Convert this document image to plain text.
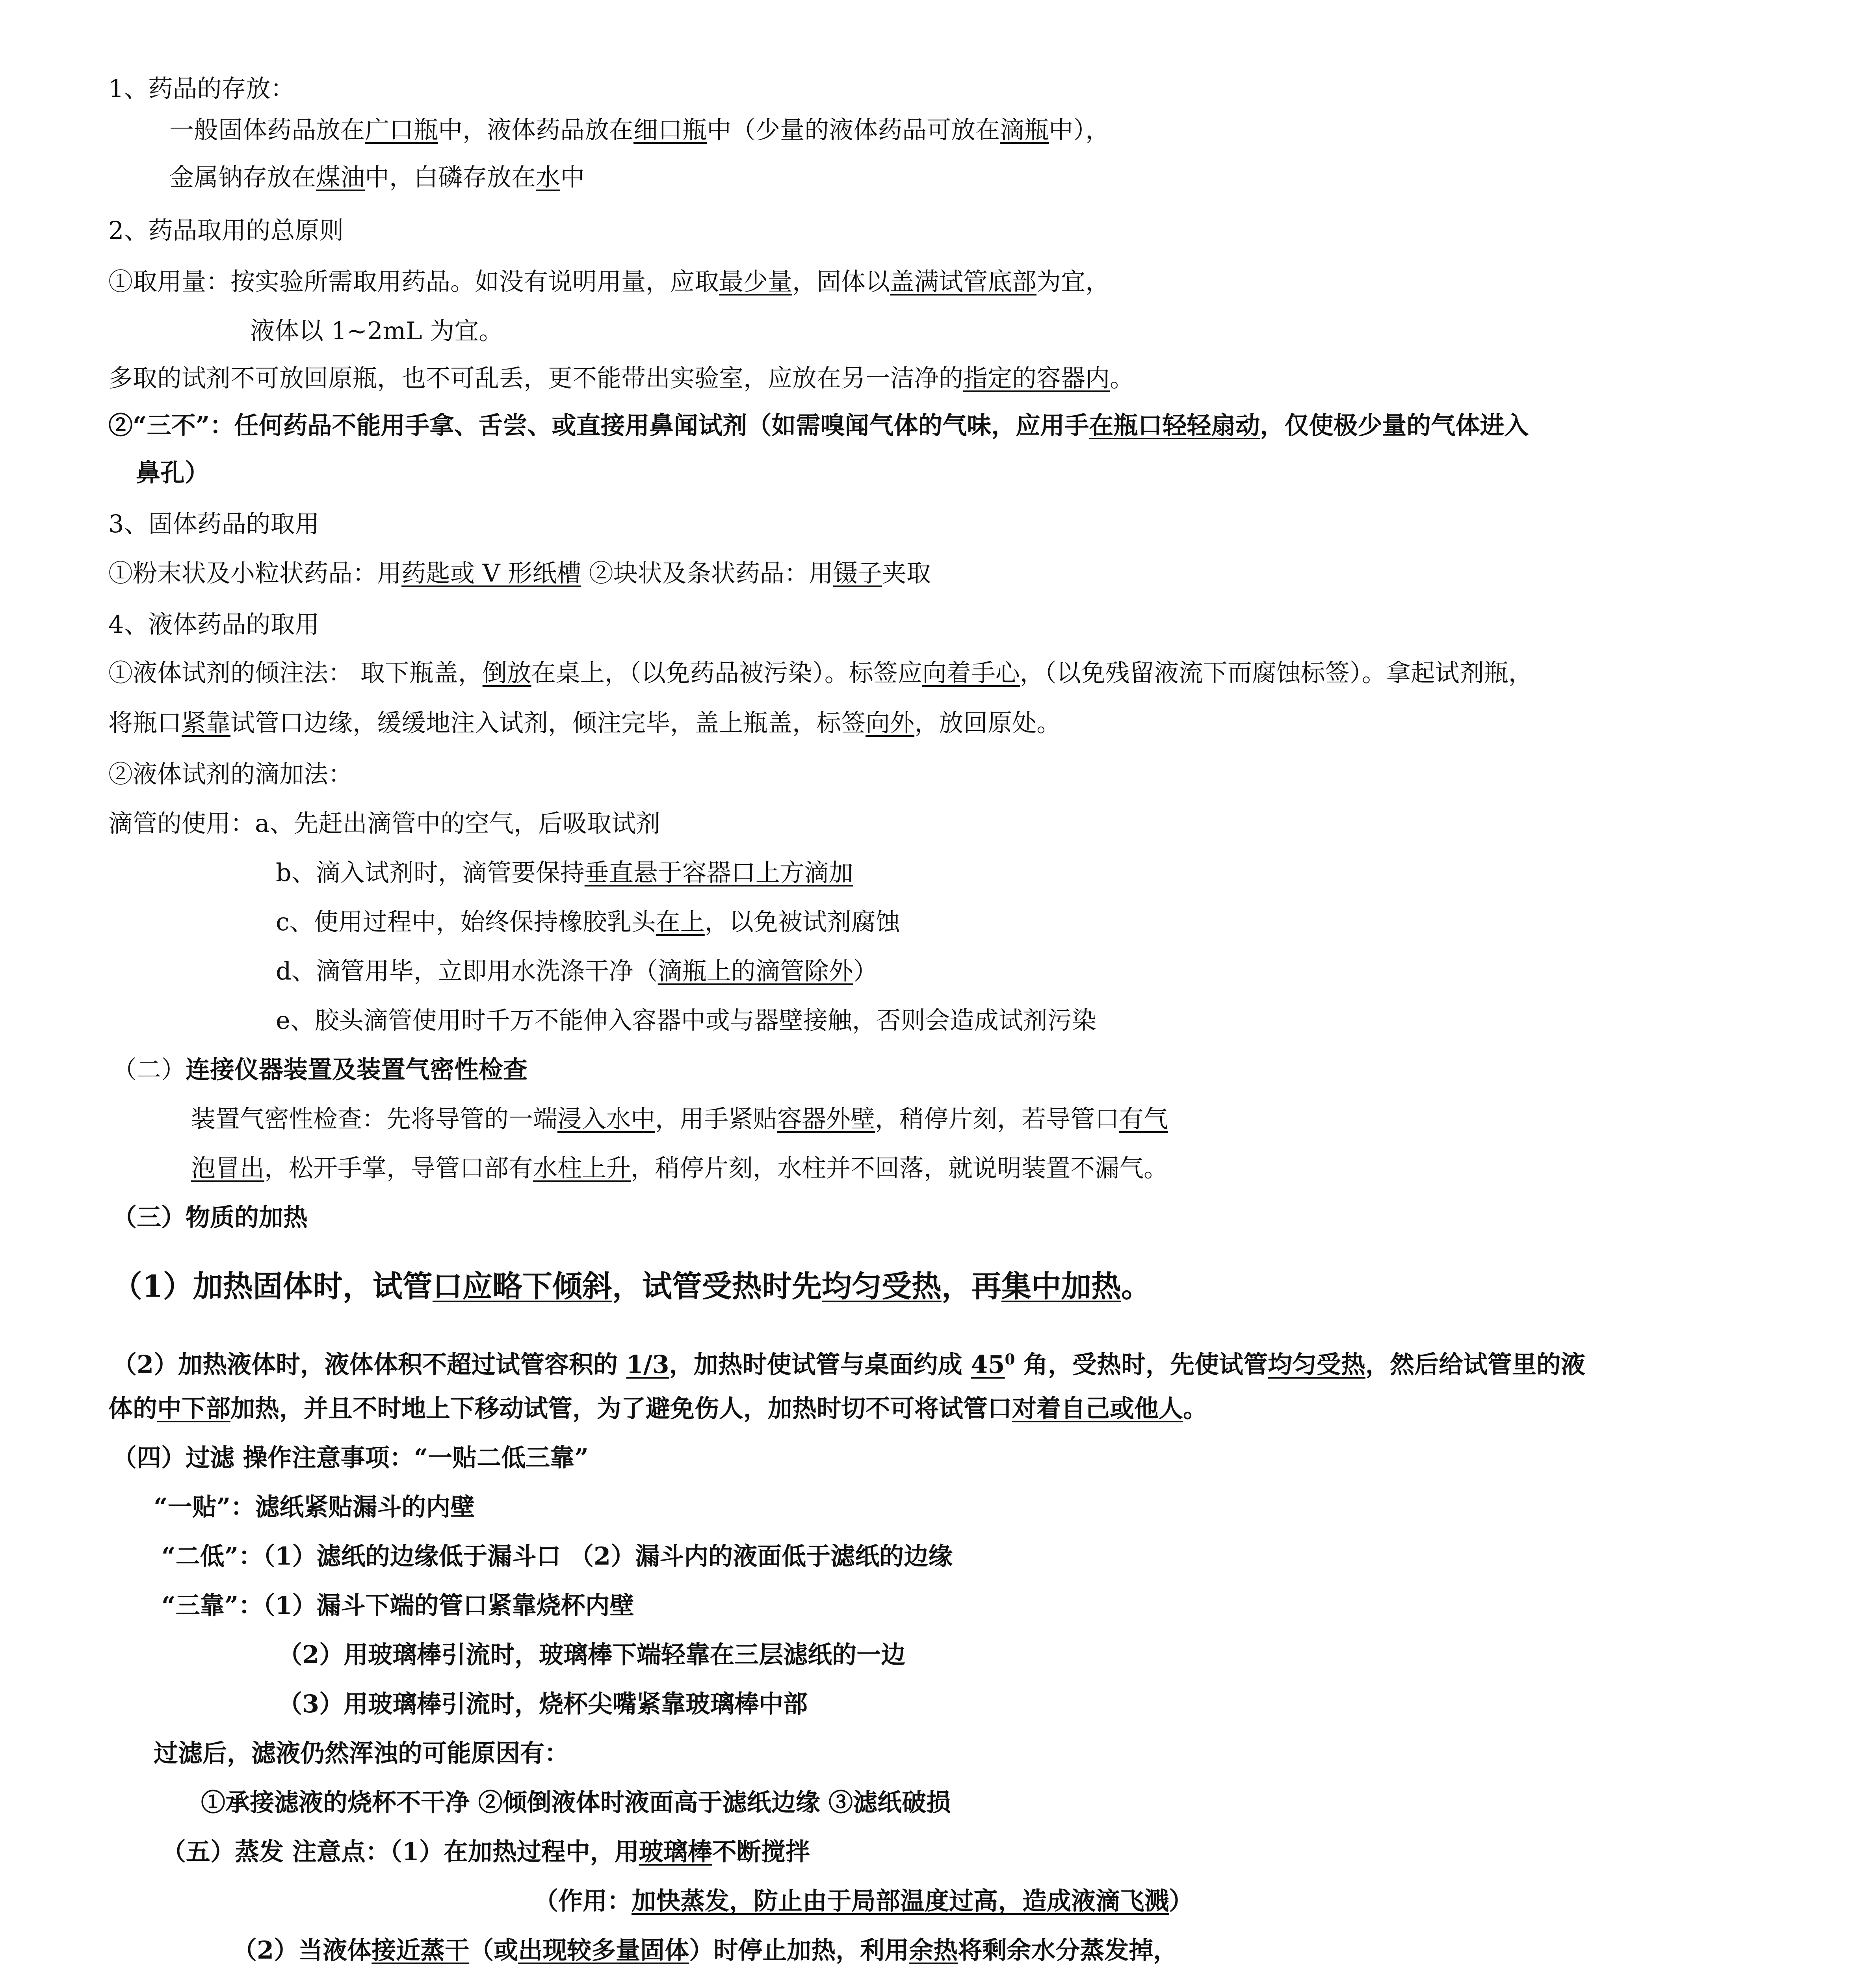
1、药品的存放：
一般固体药品放在广口瓶中，液体药品放在细口瓶中（少量的液体药品可放在滴瓶中），
金属钠存放在煤油中，白磷存放在水中
2、药品取用的总原则
①取用量：按实验所需取用药品。如没有说明用量，应取最少量，固体以盖满试管底部为宜，
液体以 1~2mL 为宜。
多取的试剂不可放回原瓶，也不可乱丢，更不能带出实验室，应放在另一洁净的指定的容器内。
②“三不”：任何药品不能用手拿、舌尝、或直接用鼻闻试剂（如需嗅闻气体的气味，应用手在瓶口轻轻扇动，仅使极少量的气体进入
鼻孔）
3、固体药品的取用
①粉末状及小粒状药品：用药匙或 V 形纸槽 ②块状及条状药品：用镊子夹取
4、液体药品的取用
①液体试剂的倾注法： 取下瓶盖，倒放在桌上，（以免药品被污染）。标签应向着手心，（以免残留液流下而腐蚀标签）。拿起试剂瓶，
将瓶口紧靠试管口边缘，缓缓地注入试剂，倾注完毕，盖上瓶盖，标签向外，放回原处。
②液体试剂的滴加法：
滴管的使用：a、先赶出滴管中的空气，后吸取试剂
b、滴入试剂时，滴管要保持垂直悬于容器口上方滴加
c、使用过程中，始终保持橡胶乳头在上，以免被试剂腐蚀
d、滴管用毕，立即用水洗涤干净（滴瓶上的滴管除外）
e、胶头滴管使用时千万不能伸入容器中或与器壁接触，否则会造成试剂污染
（二）连接仪器装置及装置气密性检查
装置气密性检查：先将导管的一端浸入水中，用手紧贴容器外壁，稍停片刻，若导管口有气
泡冒出，松开手掌，导管口部有水柱上升，稍停片刻，水柱并不回落，就说明装置不漏气。
（三）物质的加热
（1）加热固体时，试管口应略下倾斜，试管受热时先均匀受热，再集中加热。
（2）加热液体时，液体体积不超过试管容积的 1/3，加热时使试管与桌面约成 $45^0$ 角，受热时，先使试管均匀受热，然后给试管里的液
体的中下部加热，并且不时地上下移动试管，为了避免伤人，加热时切不可将试管口对着自己或他人。
（四）过滤 操作注意事项：“一贴二低三靠”
“一贴”：滤纸紧贴漏斗的内壁
“二低”：（1）滤纸的边缘低于漏斗口 （2）漏斗内的液面低于滤纸的边缘
“三靠”：（1）漏斗下端的管口紧靠烧杯内壁
（2）用玻璃棒引流时，玻璃棒下端轻靠在三层滤纸的一边
（3）用玻璃棒引流时，烧杯尖嘴紧靠玻璃棒中部
过滤后，滤液仍然浑浊的可能原因有：
①承接滤液的烧杯不干净 ②倾倒液体时液面高于滤纸边缘 ③滤纸破损
（五）蒸发 注意点：（1）在加热过程中，用玻璃棒不断搅拌
（作用：加快蒸发，防止由于局部温度过高，造成液滴飞溅）
（2）当液体接近蒸干（或出现较多量固体）时停止加热，利用余热将剩余水分蒸发掉，
